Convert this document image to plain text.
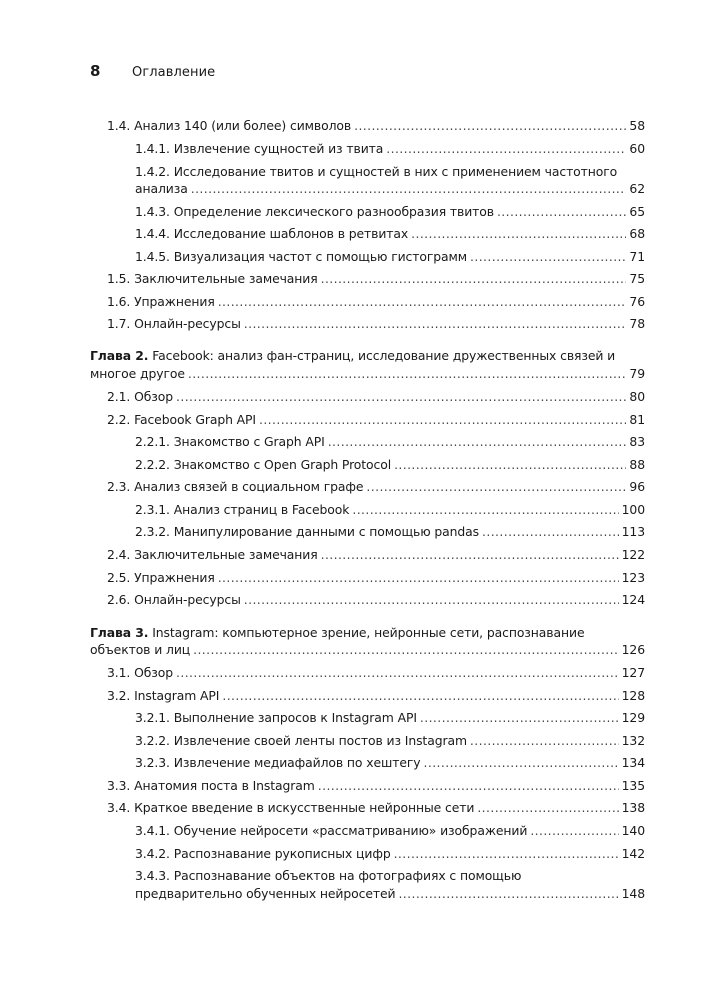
8	Оглавление
1.4. Анализ 140 (или более) символов .....	58
1.4.1. Извлечение сущностей из твита .....	60
1.4.2. Исследование твитов и сущностей в них с применением частотного
анализа .....	62
1.4.3. Определение лексического разнообразия твитов .....	65
1.4.4. Исследование шаблонов в ретвитах .....	68
1.4.5. Визуализация частот с помощью гистограмм .....	71
1.5. Заключительные замечания .....	75
1.6. Упражнения .....	76
1.7. Онлайн-ресурсы .....	78
Глава 2. Facebook: анализ фан-страниц, исследование дружественных связей и
многое другое .....	79
2.1. Обзор .....	80
2.2. Facebook Graph API .....	81
2.2.1. Знакомство с Graph API .....	83
2.2.2. Знакомство с Open Graph Protocol .....	88
2.3. Анализ связей в социальном графе .....	96
2.3.1. Анализ страниц в Facebook .....	100
2.3.2. Манипулирование данными с помощью pandas .....	113
2.4. Заключительные замечания .....	122
2.5. Упражнения .....	123
2.6. Онлайн-ресурсы .....	124
Глава 3. Instagram: компьютерное зрение, нейронные сети, распознавание
объектов и лиц .....	126
3.1. Обзор .....	127
3.2. Instagram API .....	128
3.2.1. Выполнение запросов к Instagram API .....	129
3.2.2. Извлечение своей ленты постов из Instagram .....	132
3.2.3. Извлечение медиафайлов по хештегу .....	134
3.3. Анатомия поста в Instagram .....	135
3.4. Краткое введение в искусственные нейронные сети .....	138
3.4.1. Обучение нейросети «рассматриванию» изображений .....	140
3.4.2. Распознавание рукописных цифр .....	142
3.4.3. Распознавание объектов на фотографиях с помощью
предварительно обученных нейросетей .....	148
